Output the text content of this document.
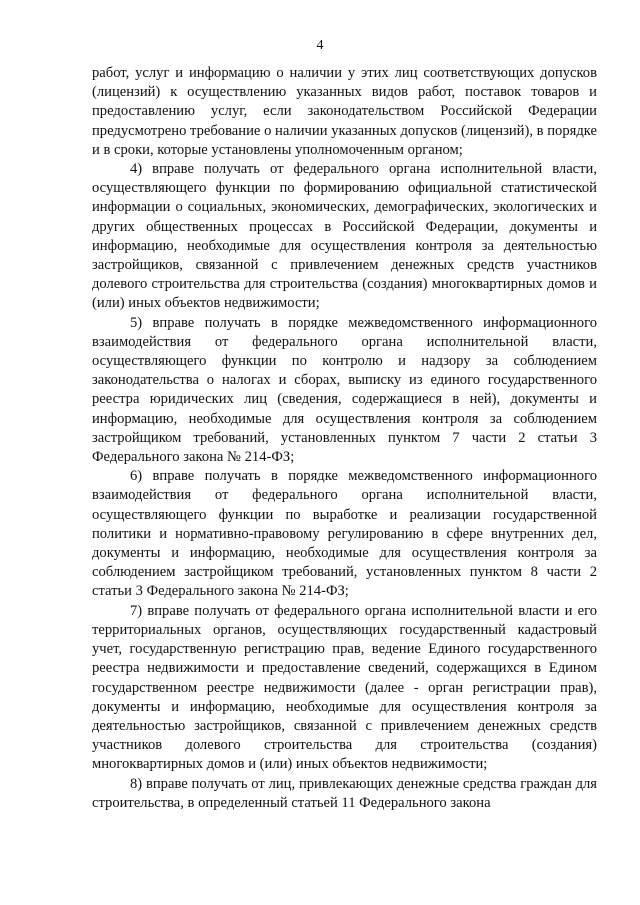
4

работ, услуг и информацию о наличии у этих лиц соответствующих допусков (лицензий) к осуществлению указанных видов работ, поставок товаров и предоставлению услуг, если законодательством Российской Федерации предусмотрено требование о наличии указанных допусков (лицензий), в порядке и в сроки, которые установлены уполномоченным органом;

4) вправе получать от федерального органа исполнительной власти, осуществляющего функции по формированию официальной статистической информации о социальных, экономических, демографических, экологических и других общественных процессах в Российской Федерации, документы и информацию, необходимые для осуществления контроля за деятельностью застройщиков, связанной с привлечением денежных средств участников долевого строительства для строительства (создания) многоквартирных домов и (или) иных объектов недвижимости;

5) вправе получать в порядке межведомственного информационного взаимодействия от федерального органа исполнительной власти, осуществляющего функции по контролю и надзору за соблюдением законодательства о налогах и сборах, выписку из единого государственного реестра юридических лиц (сведения, содержащиеся в ней), документы и информацию, необходимые для осуществления контроля за соблюдением застройщиком требований, установленных пунктом 7 части 2 статьи 3 Федерального закона № 214-ФЗ;

6) вправе получать в порядке межведомственного информационного взаимодействия от федерального органа исполнительной власти, осуществляющего функции по выработке и реализации государственной политики и нормативно-правовому регулированию в сфере внутренних дел, документы и информацию, необходимые для осуществления контроля за соблюдением застройщиком требований, установленных пунктом 8 части 2 статьи 3 Федерального закона № 214-ФЗ;

7) вправе получать от федерального органа исполнительной власти и его территориальных органов, осуществляющих государственный кадастровый учет, государственную регистрацию прав, ведение Единого государственного реестра недвижимости и предоставление сведений, содержащихся в Едином государственном реестре недвижимости (далее - орган регистрации прав), документы и информацию, необходимые для осуществления контроля за деятельностью застройщиков, связанной с привлечением денежных средств участников долевого строительства для строительства (создания) многоквартирных домов и (или) иных объектов недвижимости;

8) вправе получать от лиц, привлекающих денежные средства граждан для строительства, в определенный статьей 11 Федерального закона
